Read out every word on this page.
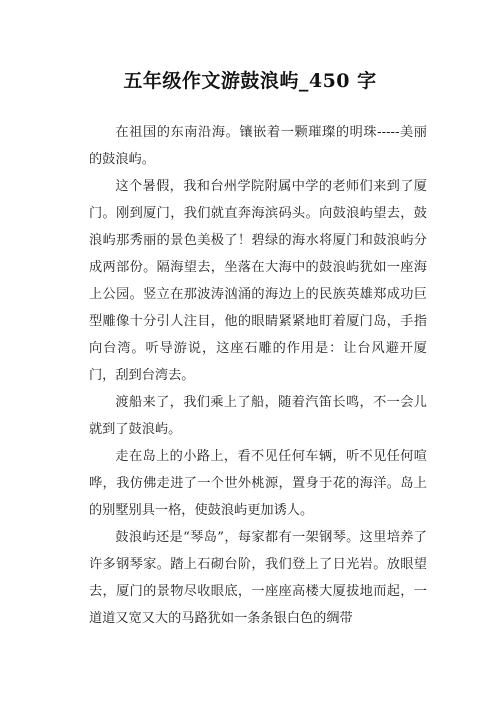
五年级作文游鼓浪屿_450 字

在祖国的东南沿海。镶嵌着一颗璀璨的明珠-----美丽的鼓浪屿。

这个暑假，我和台州学院附属中学的老师们来到了厦门。刚到厦门，我们就直奔海滨码头。向鼓浪屿望去，鼓浪屿那秀丽的景色美极了！碧绿的海水将厦门和鼓浪屿分成两部份。隔海望去，坐落在大海中的鼓浪屿犹如一座海上公园。竖立在那波涛汹涌的海边上的民族英雄郑成功巨型雕像十分引人注目，他的眼睛紧紧地盯着厦门岛，手指向台湾。听导游说，这座石雕的作用是：让台风避开厦门，刮到台湾去。

渡船来了，我们乘上了船，随着汽笛长鸣，不一会儿就到了鼓浪屿。

走在岛上的小路上，看不见任何车辆，听不见任何喧哗，我仿佛走进了一个世外桃源，置身于花的海洋。岛上的别墅别具一格，使鼓浪屿更加诱人。

鼓浪屿还是“琴岛”，每家都有一架钢琴。这里培养了许多钢琴家。踏上石砌台阶，我们登上了日光岩。放眼望去，厦门的景物尽收眼底，一座座高楼大厦拔地而起，一道道又宽又大的马路犹如一条条银白色的绸带
